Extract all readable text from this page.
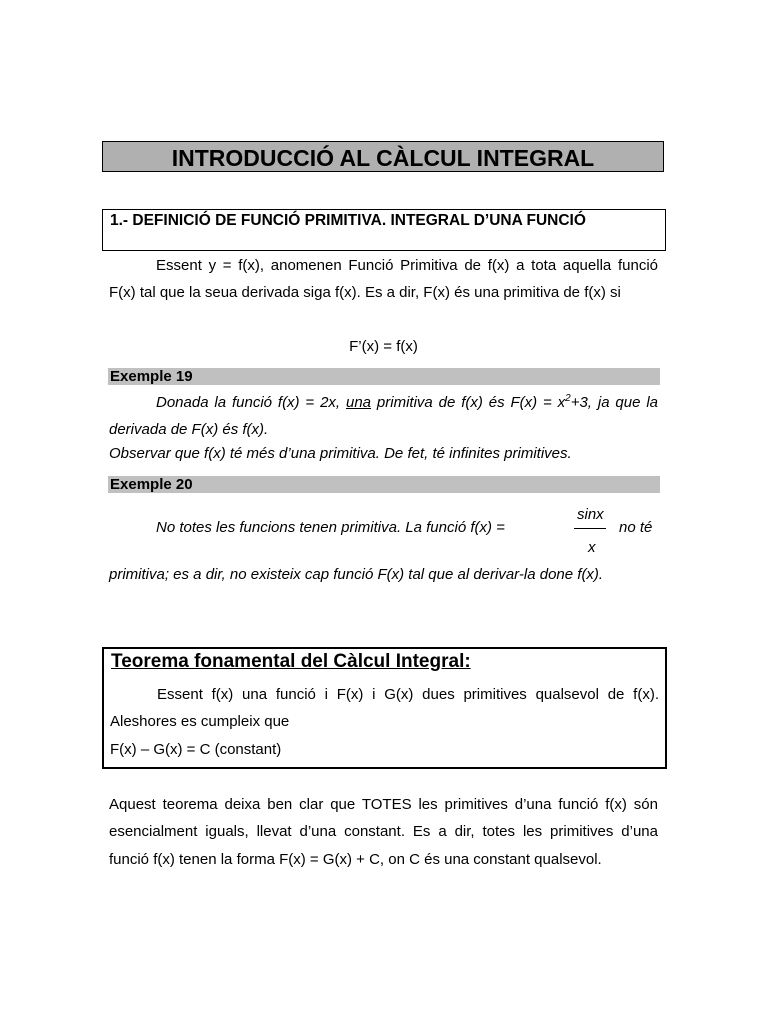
INTRODUCCIÓ AL CÀLCUL INTEGRAL
1.- DEFINICIÓ DE FUNCIÓ PRIMITIVA. INTEGRAL D’UNA FUNCIÓ
Essent y = f(x), anomenen Funció Primitiva de f(x) a tota aquella funció F(x) tal que la seua derivada siga f(x). Es a dir, F(x) és una primitiva de f(x) si
F’(x) = f(x)
Exemple 19
Donada la funció f(x) = 2x, una primitiva de f(x) és $F(x) = x^2+3$, ja que la derivada de F(x) és f(x).
Observar que f(x) té més d’una primitiva. De fet, té infinites primitives.
Exemple 20
No totes les funcions tenen primitiva. La funció f(x) =
sinx
x
no té
primitiva; es a dir, no existeix cap funció F(x) tal que al derivar-la done f(x).
Teorema fonamental del Càlcul Integral:
Essent f(x) una funció i F(x) i G(x) dues primitives qualsevol de f(x). Aleshores es cumpleix que
F(x) – G(x) = C (constant)
Aquest teorema deixa ben clar que TOTES les primitives d’una funció f(x) són esencialment iguals, llevat d’una constant. Es a dir, totes les primitives d’una funció f(x) tenen la forma F(x) = G(x) + C, on C és una constant qualsevol.
